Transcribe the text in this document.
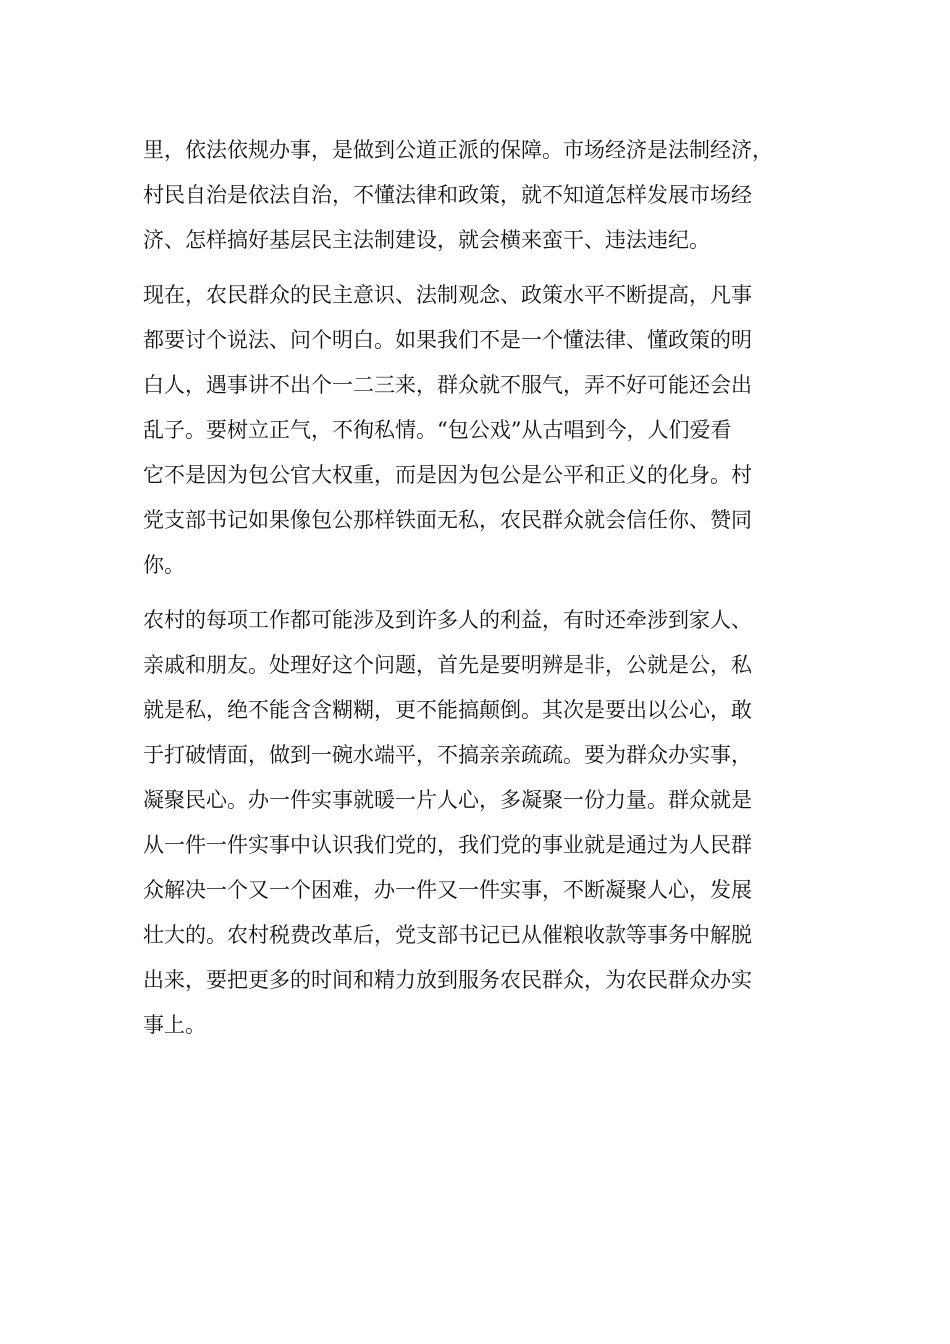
里，依法依规办事，是做到公道正派的保障。市场经济是法制经济，
村民自治是依法自治，不懂法律和政策，就不知道怎样发展市场经
济、怎样搞好基层民主法制建设，就会横来蛮干、违法违纪。

现在，农民群众的民主意识、法制观念、政策水平不断提高，凡事
都要讨个说法、问个明白。如果我们不是一个懂法律、懂政策的明
白人，遇事讲不出个一二三来，群众就不服气，弄不好可能还会出
乱子。要树立正气，不徇私情。“包公戏”从古唱到今，人们爱看
它不是因为包公官大权重，而是因为包公是公平和正义的化身。村
党支部书记如果像包公那样铁面无私，农民群众就会信任你、赞同
你。

农村的每项工作都可能涉及到许多人的利益，有时还牵涉到家人、
亲戚和朋友。处理好这个问题，首先是要明辨是非，公就是公，私
就是私，绝不能含含糊糊，更不能搞颠倒。其次是要出以公心，敢
于打破情面，做到一碗水端平，不搞亲亲疏疏。要为群众办实事，
凝聚民心。办一件实事就暖一片人心，多凝聚一份力量。群众就是
从一件一件实事中认识我们党的，我们党的事业就是通过为人民群
众解决一个又一个困难，办一件又一件实事，不断凝聚人心，发展
壮大的。农村税费改革后，党支部书记已从催粮收款等事务中解脱
出来，要把更多的时间和精力放到服务农民群众，为农民群众办实
事上。
